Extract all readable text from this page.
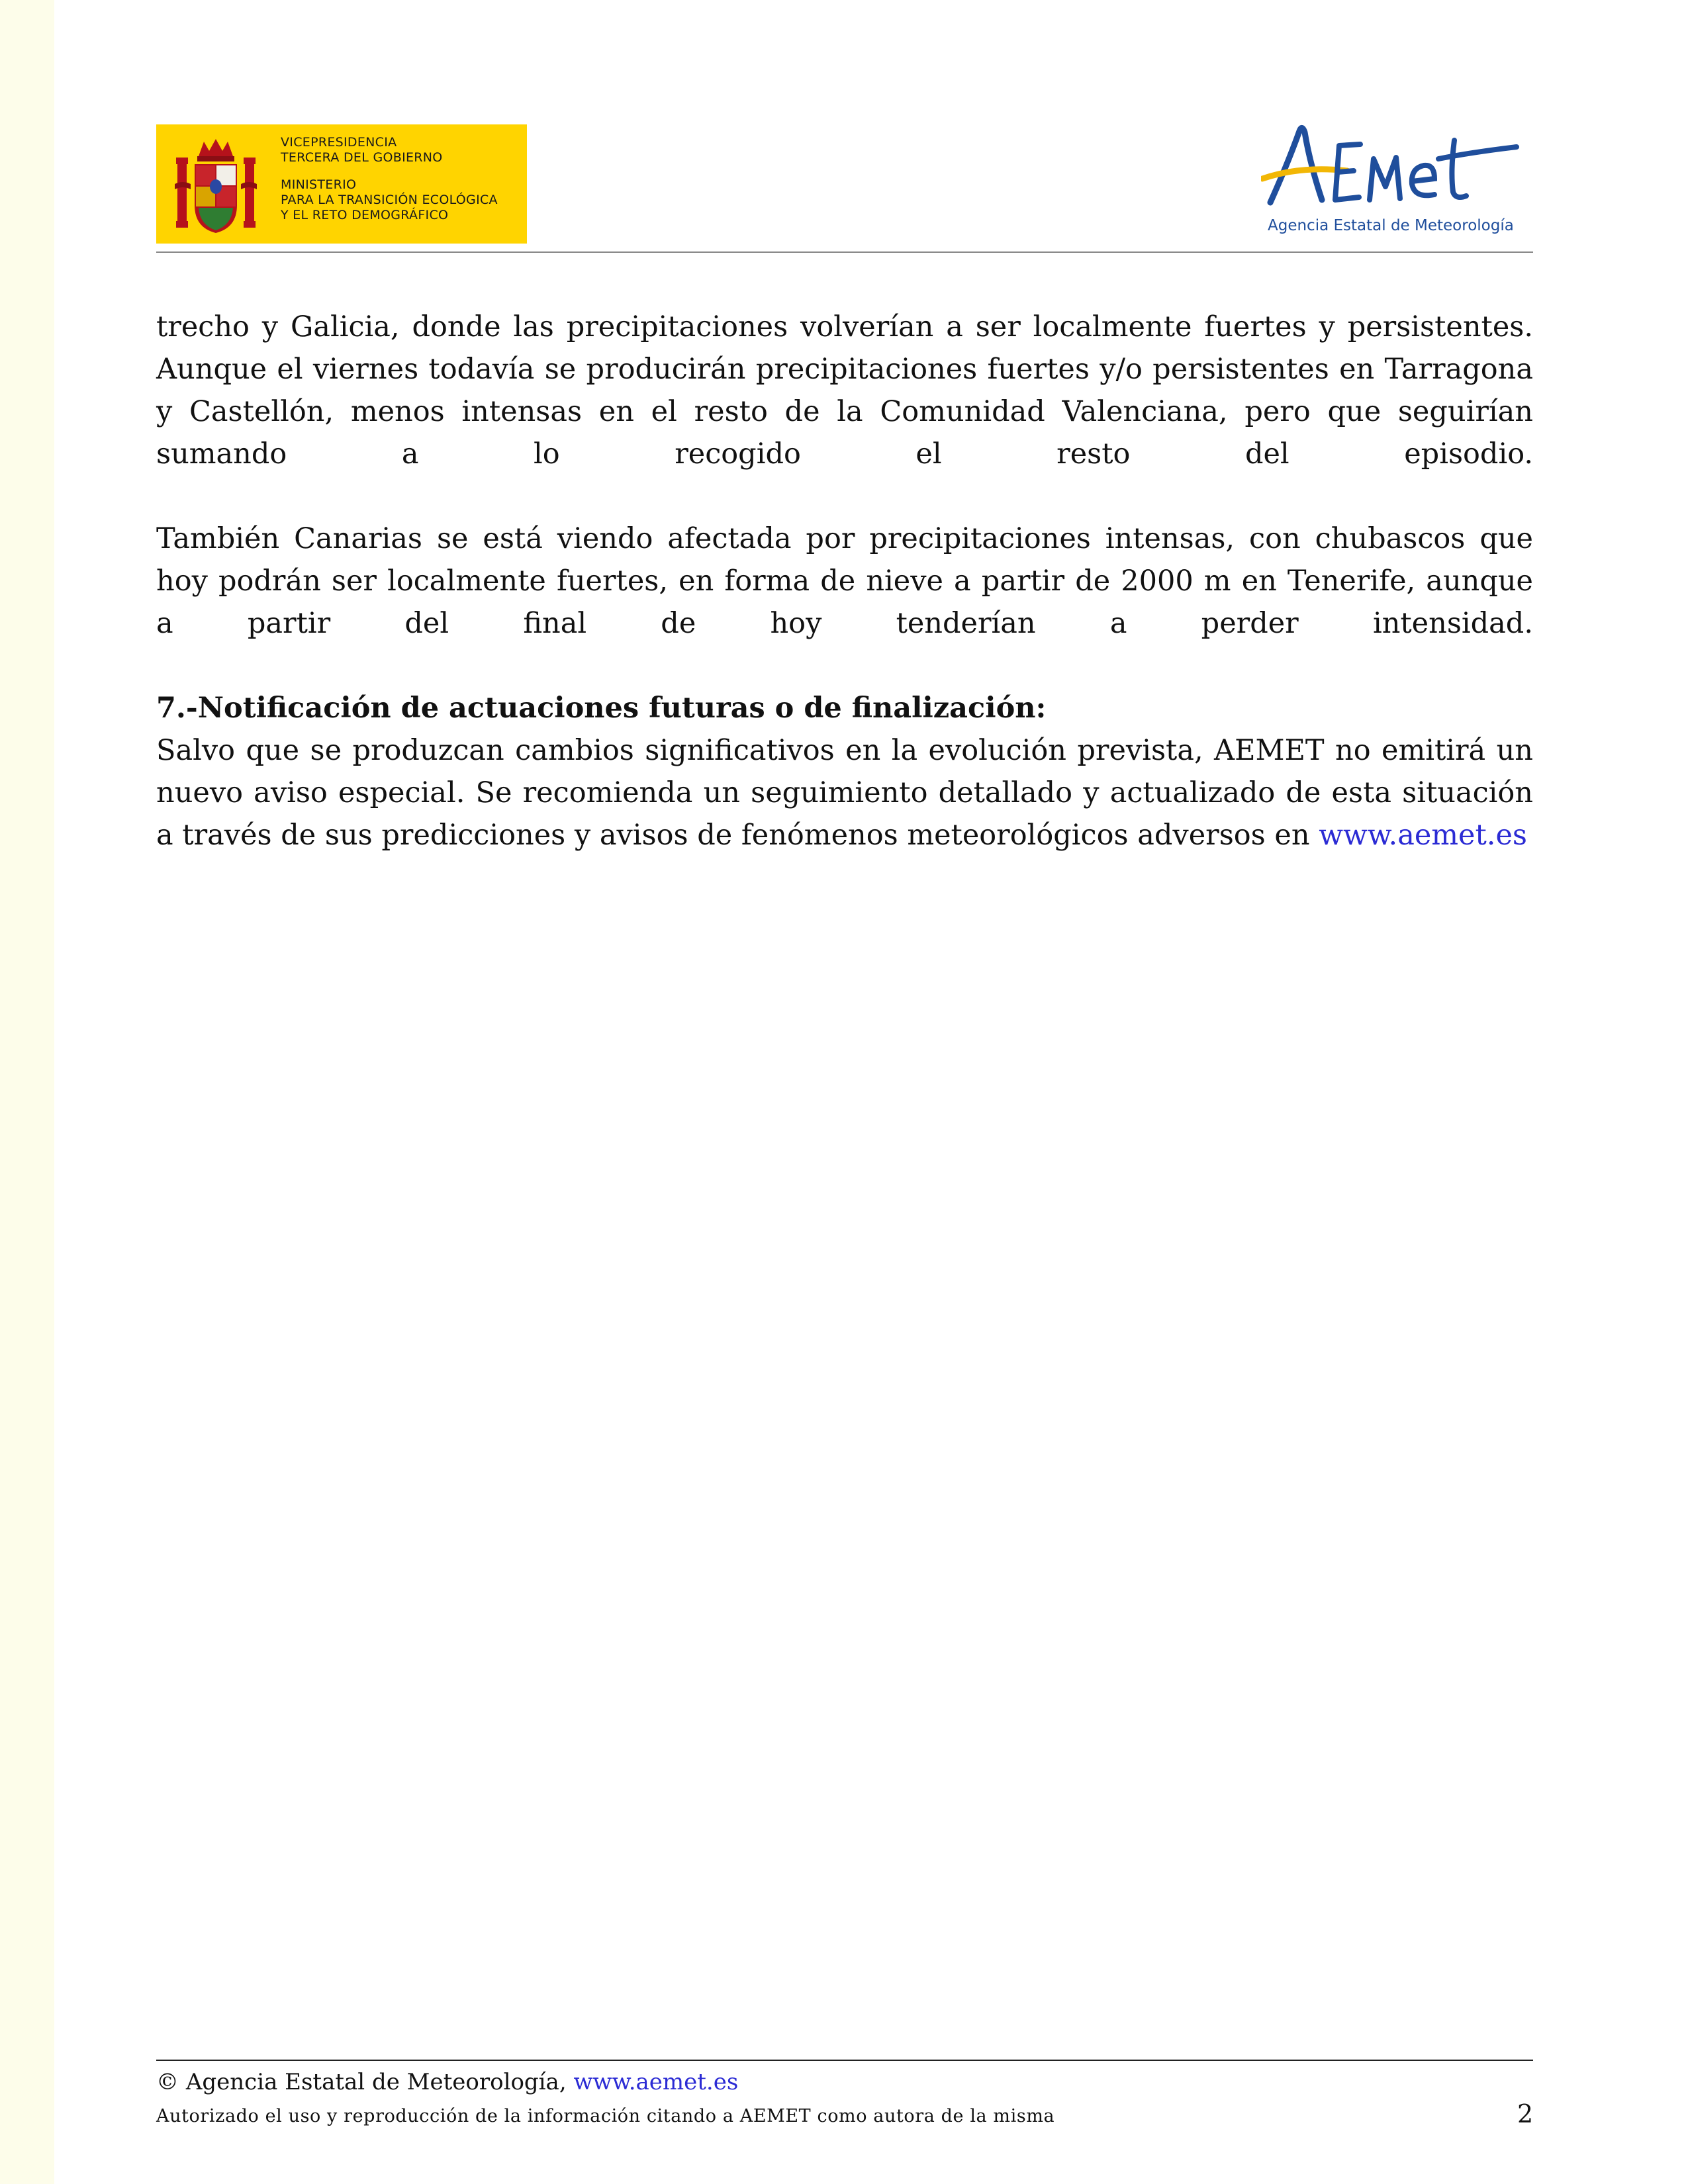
VICEPRESIDENCIA
TERCERA DEL GOBIERNO
MINISTERIO
PARA LA TRANSICIÓN ECOLÓGICA
Y EL RETO DEMOGRÁFICO
Agencia Estatal de Meteorología

trecho y Galicia, donde las precipitaciones volverían a ser localmente fuertes y persistentes. Aunque el viernes todavía se producirán precipitaciones fuertes y/o persistentes en Tarragona y Castellón, menos intensas en el resto de la Comunidad Valenciana, pero que seguirían sumando a lo recogido el resto del episodio.

También Canarias se está viendo afectada por precipitaciones intensas, con chubascos que hoy podrán ser localmente fuertes, en forma de nieve a partir de 2000 m en Tenerife, aunque a partir del final de hoy tenderían a perder intensidad.

7.-Notificación de actuaciones futuras o de finalización:

Salvo que se produzcan cambios significativos en la evolución prevista, AEMET no emitirá un nuevo aviso especial. Se recomienda un seguimiento detallado y actualizado de esta situación a través de sus predicciones y avisos de fenómenos meteorológicos adversos en www.aemet.es

© Agencia Estatal de Meteorología, www.aemet.es
Autorizado el uso y reproducción de la información citando a AEMET como autora de la misma	2
